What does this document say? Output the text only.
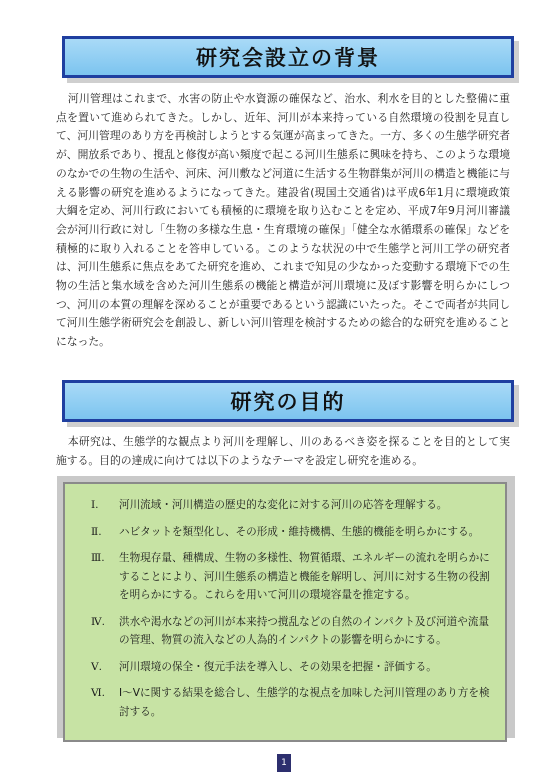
研究会設立の背景

河川管理はこれまで、水害の防止や水資源の確保など、治水、利水を目的とした整備に重点を置いて進められてきた。しかし、近年、河川が本来持っている自然環境の役割を見直して、河川管理のあり方を再検討しようとする気運が高まってきた。一方、多くの生態学研究者が、開放系であり、撹乱と修復が高い頻度で起こる河川生態系に興味を持ち、このような環境のなかでの生物の生活や、河床、河川敷など河道に生活する生物群集が河川の構造と機能に与える影響の研究を進めるようになってきた。建設省(現国土交通省)は平成6年1月に環境政策大綱を定め、河川行政においても積極的に環境を取り込むことを定め、平成7年9月河川審議会が河川行政に対し「生物の多様な生息・生育環境の確保」「健全な水循環系の確保」などを積極的に取り入れることを答申している。このような状況の中で生態学と河川工学の研究者は、河川生態系に焦点をあてた研究を進め、これまで知見の少なかった変動する環境下での生物の生活と集水域を含めた河川生態系の機能と構造が河川環境に及ぼす影響を明らかにしつつ、河川の本質の理解を深めることが重要であるという認識にいたった。そこで両者が共同して河川生態学術研究会を創設し、新しい河川管理を検討するための総合的な研究を進めることになった。

研究の目的

本研究は、生態学的な観点より河川を理解し、川のあるべき姿を探ることを目的として実施する。目的の達成に向けては以下のようなテーマを設定し研究を進める。

Ⅰ.	河川流域・河川構造の歴史的な変化に対する河川の応答を理解する。
Ⅱ.	ハビタットを類型化し、その形成・維持機構、生態的機能を明らかにする。
Ⅲ.	生物現存量、種構成、生物の多様性、物質循環、エネルギーの流れを明らかにすることにより、河川生態系の構造と機能を解明し、河川に対する生物の役割を明らかにする。これらを用いて河川の環境容量を推定する。
Ⅳ.	洪水や渇水などの河川が本来持つ撹乱などの自然のインパクト及び河道や流量の管理、物質の流入などの人為的インパクトの影響を明らかにする。
Ⅴ.	河川環境の保全・復元手法を導入し、その効果を把握・評価する。
Ⅵ.	Ⅰ～Ⅴに関する結果を総合し、生態学的な視点を加味した河川管理のあり方を検討する。
1
